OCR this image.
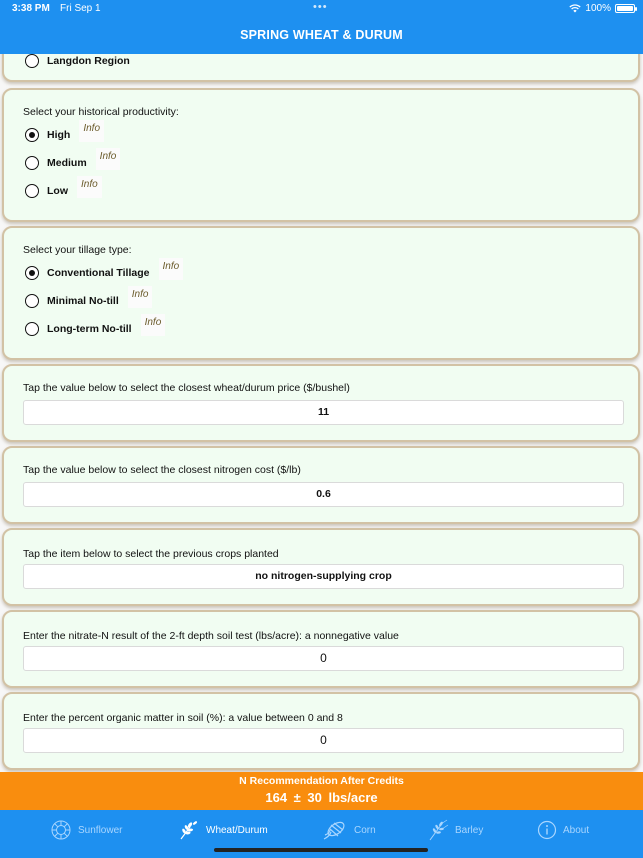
3:38 PM Fri Sep 1	•••	100%
SPRING WHEAT & DURUM
Langdon Region
Select your historical productivity:
High
Info
Medium
Info
Low
Info
Select your tillage type:
Conventional Tillage
Info
Minimal No-till
Info
Long-term No-till
Info
Tap the value below to select the closest wheat/durum price ($/bushel)
11
Tap the value below to select the closest nitrogen cost ($/lb)
0.6
Tap the item below to select the previous crops planted
no nitrogen-supplying crop
Enter the nitrate-N result of the 2-ft depth soil test (lbs/acre): a nonnegative value
0
Enter the percent organic matter in soil (%): a value between 0 and 8
0
N Recommendation After Credits
164 ± 30 lbs/acre
Sunflower	Wheat/Durum	Corn	Barley	About
